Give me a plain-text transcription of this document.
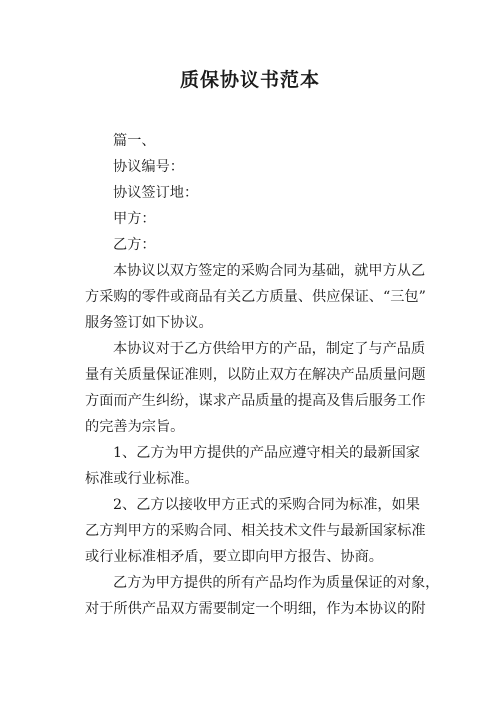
质保协议书范本
篇一、
协议编号：
协议签订地：
甲方：
乙方：
本协议以双方签定的采购合同为基础，就甲方从乙
方采购的零件或商品有关乙方质量、供应保证、“三包”
服务签订如下协议。
本协议对于乙方供给甲方的产品，制定了与产品质
量有关质量保证准则，以防止双方在解决产品质量问题
方面而产生纠纷，谋求产品质量的提高及售后服务工作
的完善为宗旨。
1、乙方为甲方提供的产品应遵守相关的最新国家
标准或行业标准。
2、乙方以接收甲方正式的采购合同为标准，如果
乙方判甲方的采购合同、相关技术文件与最新国家标准
或行业标准相矛盾，要立即向甲方报告、协商。
乙方为甲方提供的所有产品均作为质量保证的对象，
对于所供产品双方需要制定一个明细，作为本协议的附
